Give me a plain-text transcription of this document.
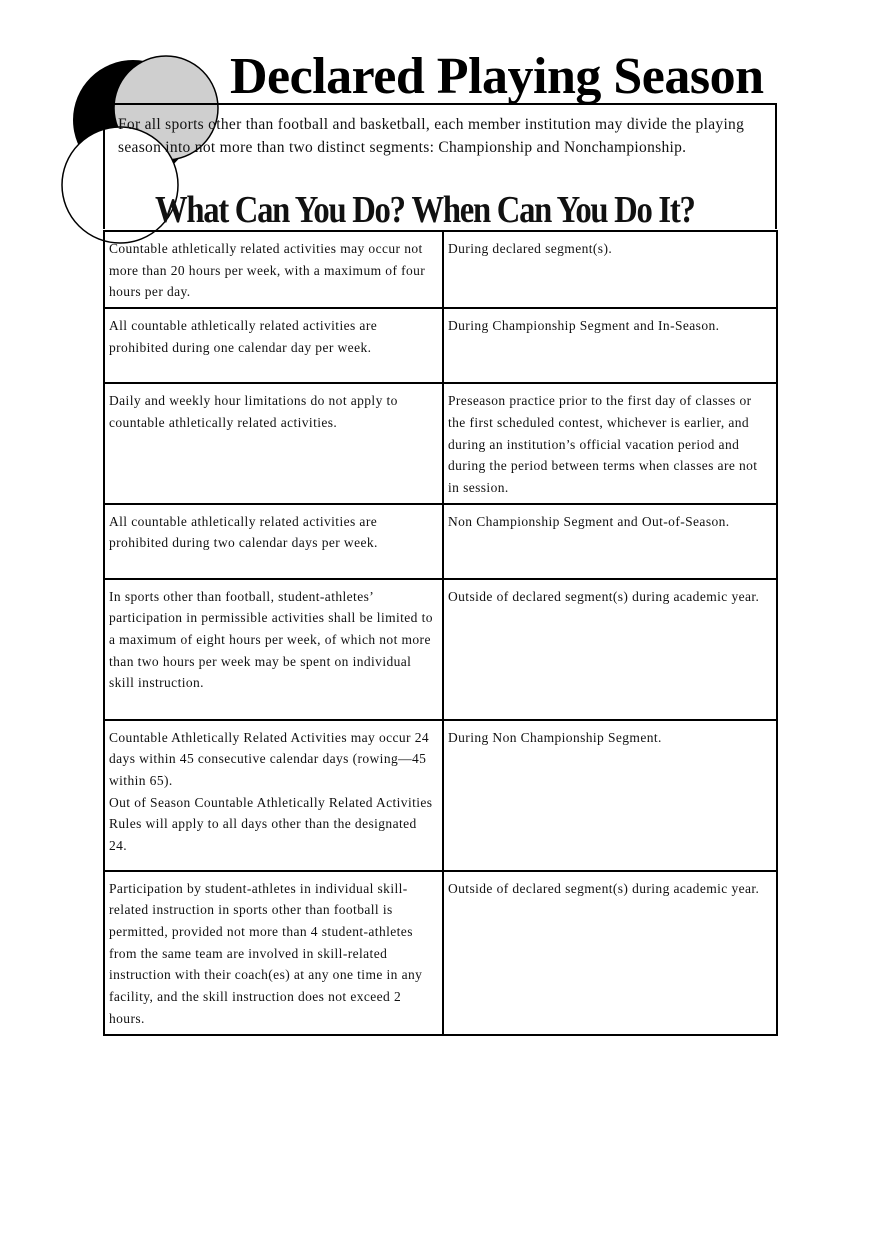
Declared Playing Season

For all sports other than football and basketball, each member institution may divide the playing season into not more than two distinct segments: Championship and Nonchampionship.

What Can You Do? When Can You Do It?
Countable athletically related activities may occur not more than 20 hours per week, with a maximum of four hours per day.	During declared segment(s).
All countable athletically related activities are prohibited during one calendar day per week.	During Championship Segment and In-Season.
Daily and weekly hour limitations do not apply to countable athletically related activities.	Preseason practice prior to the first day of classes or the first scheduled contest, whichever is earlier, and during an institution’s official vacation period and during the period between terms when classes are not in session.
All countable athletically related activities are prohibited during two calendar days per week.	Non Championship Segment and Out-of-Season.
In sports other than football, student-athletes’ participation in permissible activities shall be limited to a maximum of eight hours per week, of which not more than two hours per week may be spent on individual skill instruction.	Outside of declared segment(s) during academic year.
Countable Athletically Related Activities may occur 24 days within 45 consecutive calendar days (rowing—45 within 65).
Out of Season Countable Athletically Related Activities Rules will apply to all days other than the designated 24.	During Non Championship Segment.
Participation by student-athletes in individual skill-related instruction in sports other than football is permitted, provided not more than 4 student-athletes from the same team are involved in skill-related instruction with their coach(es) at any one time in any facility, and the skill instruction does not exceed 2 hours.	Outside of declared segment(s) during academic year.
